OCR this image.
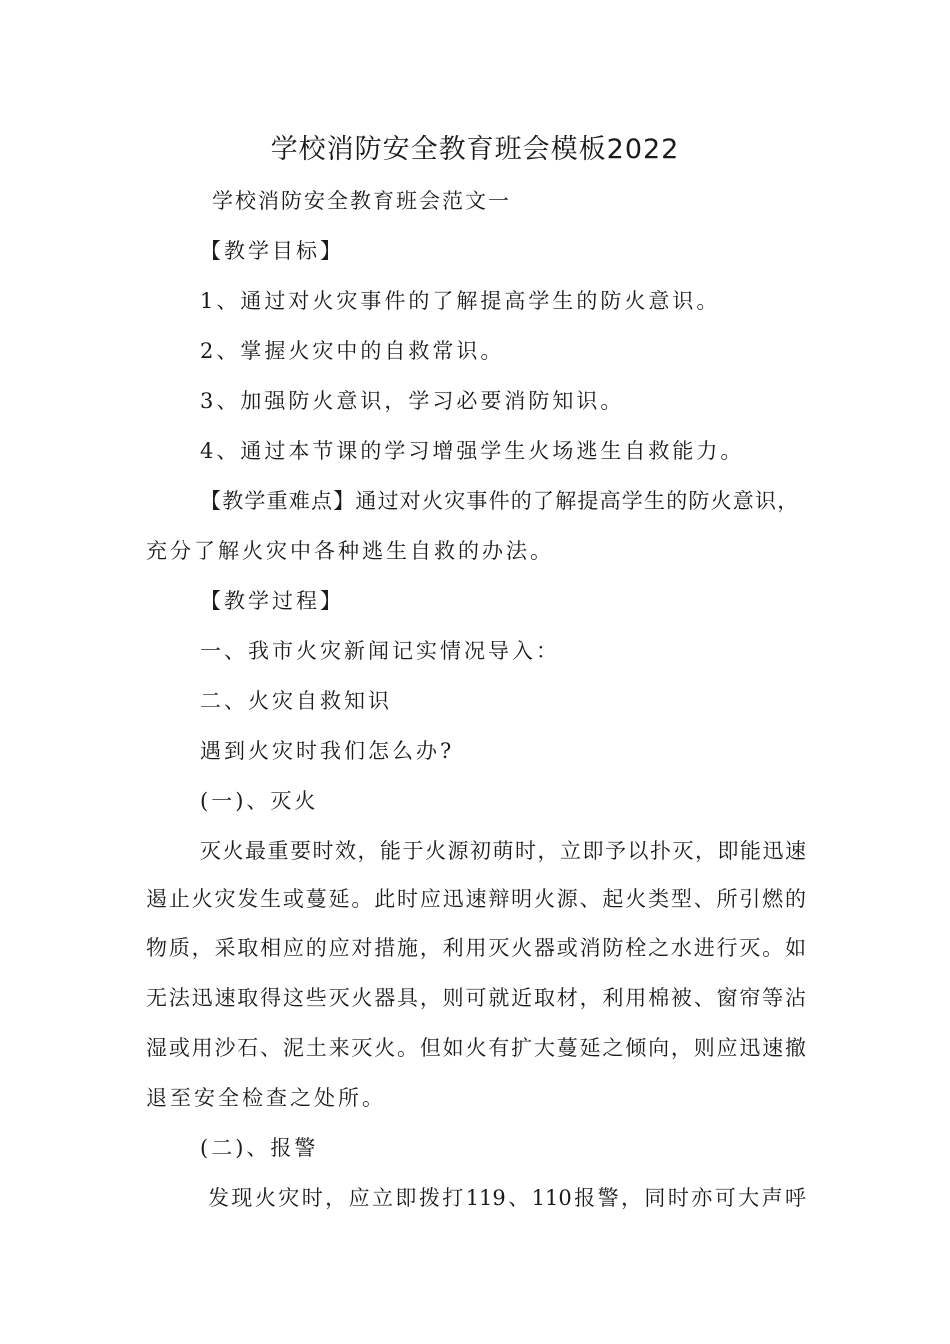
学校消防安全教育班会模板2022
学校消防安全教育班会范文一
【教学目标】
1、通过对火灾事件的了解提高学生的防火意识。
2、掌握火灾中的自救常识。
3、加强防火意识，学习必要消防知识。
4、通过本节课的学习增强学生火场逃生自救能力。
【教学重难点】通过对火灾事件的了解提高学生的防火意识，
充分了解火灾中各种逃生自救的办法。
【教学过程】
一、我市火灾新闻记实情况导入：
二、火灾自救知识
遇到火灾时我们怎么办?
(一)、灭火
灭火最重要时效，能于火源初萌时，立即予以扑灭，即能迅速
遏止火灾发生或蔓延。此时应迅速辩明火源、起火类型、所引燃的
物质，采取相应的应对措施，利用灭火器或消防栓之水进行灭。如
无法迅速取得这些灭火器具，则可就近取材，利用棉被、窗帘等沾
湿或用沙石、泥土来灭火。但如火有扩大蔓延之倾向，则应迅速撤
退至安全检查之处所。
(二)、报警
发现火灾时，应立即拨打119、110报警，同时亦可大声呼
